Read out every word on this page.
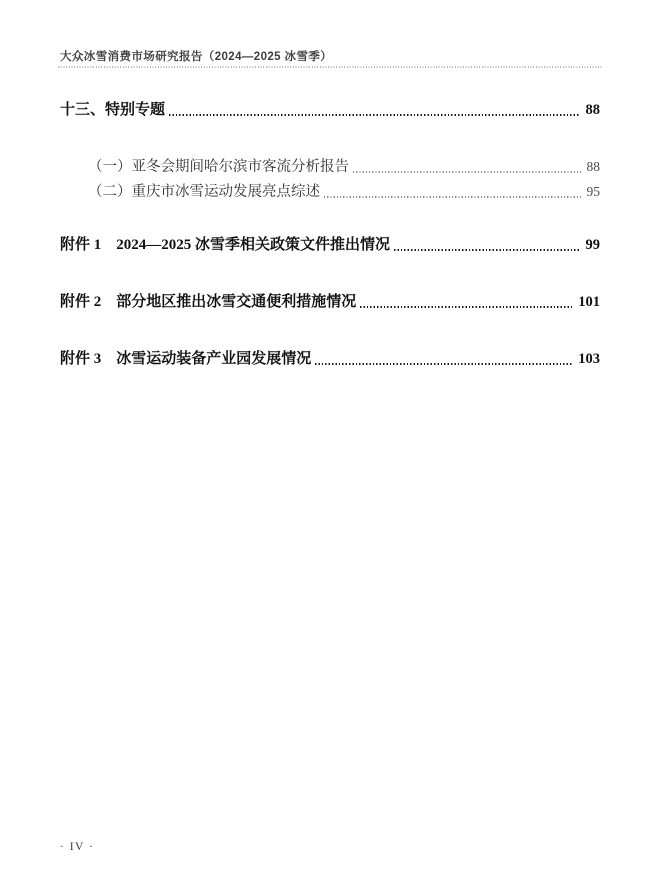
大众冰雪消费市场研究报告（2024—2025 冰雪季）
十三、特别专题	88
（一）亚冬会期间哈尔滨市客流分析报告	88
（二）重庆市冰雪运动发展亮点综述	95
附件 1 2024—2025 冰雪季相关政策文件推出情况	99
附件 2 部分地区推出冰雪交通便利措施情况	101
附件 3 冰雪运动装备产业园发展情况	103
· IV ·
